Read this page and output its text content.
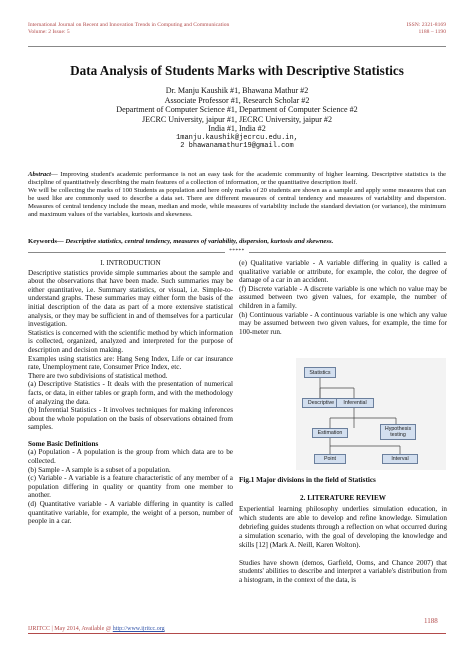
International Journal on Recent and Innovation Trends in Computing and Communication
Volume: 2 Issue: 5
ISSN: 2321-8169
1188 – 1190
Data Analysis of Students Marks with Descriptive Statistics
Dr. Manju Kaushik #1, Bhawana Mathur #2
Associate Professor #1, Research Scholar #2
Department of Computer Science #1, Department of Computer Science #2
JECRC University, jaipur #1, JECRC University, jaipur #2
India #1, India #2
1manju.kaushik@jecrcu.edu.in,
2 bhawanamathur19@gmail.com
Abstract— Improving student's academic performance is not an easy task for the academic community of higher learning. Descriptive statistics is the discipline of quantitatively describing the main features of a collection of information, or the quantitative description itself.
We will be collecting the marks of 100 Students as population and here only marks of 20 students are shown as a sample and apply some measures that can be used like are commonly used to describe a data set. There are different measures of central tendency and measures of variability and dispersion. Measures of central tendency include the mean, median and mode, while measures of variability include the standard deviation (or variance), the minimum and maximum values of the variables, kurtosis and skewness.
Keywords— Descriptive statistics, central tendency, measures of variability, dispersion, kurtosis and skewness.
*****

I. INTRODUCTION

Descriptive statistics provide simple summaries about the sample and about the observations that have been made. Such summaries may be either quantitative, i.e. Summary statistics, or visual, i.e. Simple-to-understand graphs. These summaries may either form the basis of the initial description of the data as part of a more extensive statistical analysis, or they may be sufficient in and of themselves for a particular investigation.

Statistics is concerned with the scientific method by which information is collected, organized, analyzed and interpreted for the purpose of description and decision making.

Examples using statistics are: Hang Seng Index, Life or car insurance rate, Unemployment rate, Consumer Price Index, etc.

There are two subdivisions of statistical method.

(a) Descriptive Statistics - It deals with the presentation of numerical facts, or data, in either tables or graph form, and with the methodology of analyzing the data.

(b) Inferential Statistics - It involves techniques for making inferences about the whole population on the basis of observations obtained from samples.

Some Basic Definitions

(a) Population - A population is the group from which data are to be collected.

(b) Sample - A sample is a subset of a population.

(c) Variable - A variable is a feature characteristic of any member of a population differing in quality or quantity from one member to another.

(d) Quantitative variable - A variable differing in quantity is called quantitative variable, for example, the weight of a person, number of people in a car.

(e) Qualitative variable - A variable differing in quality is called a qualitative variable or attribute, for example, the color, the degree of damage of a car in an accident.

(f) Discrete variable - A discrete variable is one which no value may be assumed between two given values, for example, the number of children in a family.

(h) Continuous variable - A continuous variable is one which any value may be assumed between two given values, for example, the time for 100-meter run.

Statistics
Descriptive	Inferential
Estimation
Hypothesis testing
Point	Interval
Fig.1 Major divisions in the field of Statistics
2. LITERATURE REVIEW

Experiential learning philosophy underlies simulation education, in which students are able to develop and refine knowledge. Simulation debriefing guides students through a reflection on what occurred during a simulation scenario, with the goal of developing the knowledge and skills [12] (Mark A. Neill, Karen Wolton).

Studies have shown (demos, Garfield, Ooms, and Chance 2007) that students' abilities to describe and interpret a variable's distribution from a histogram, in the context of the data, is

1188
IJRITCC | May 2014, Available @ http://www.ijritcc.org
